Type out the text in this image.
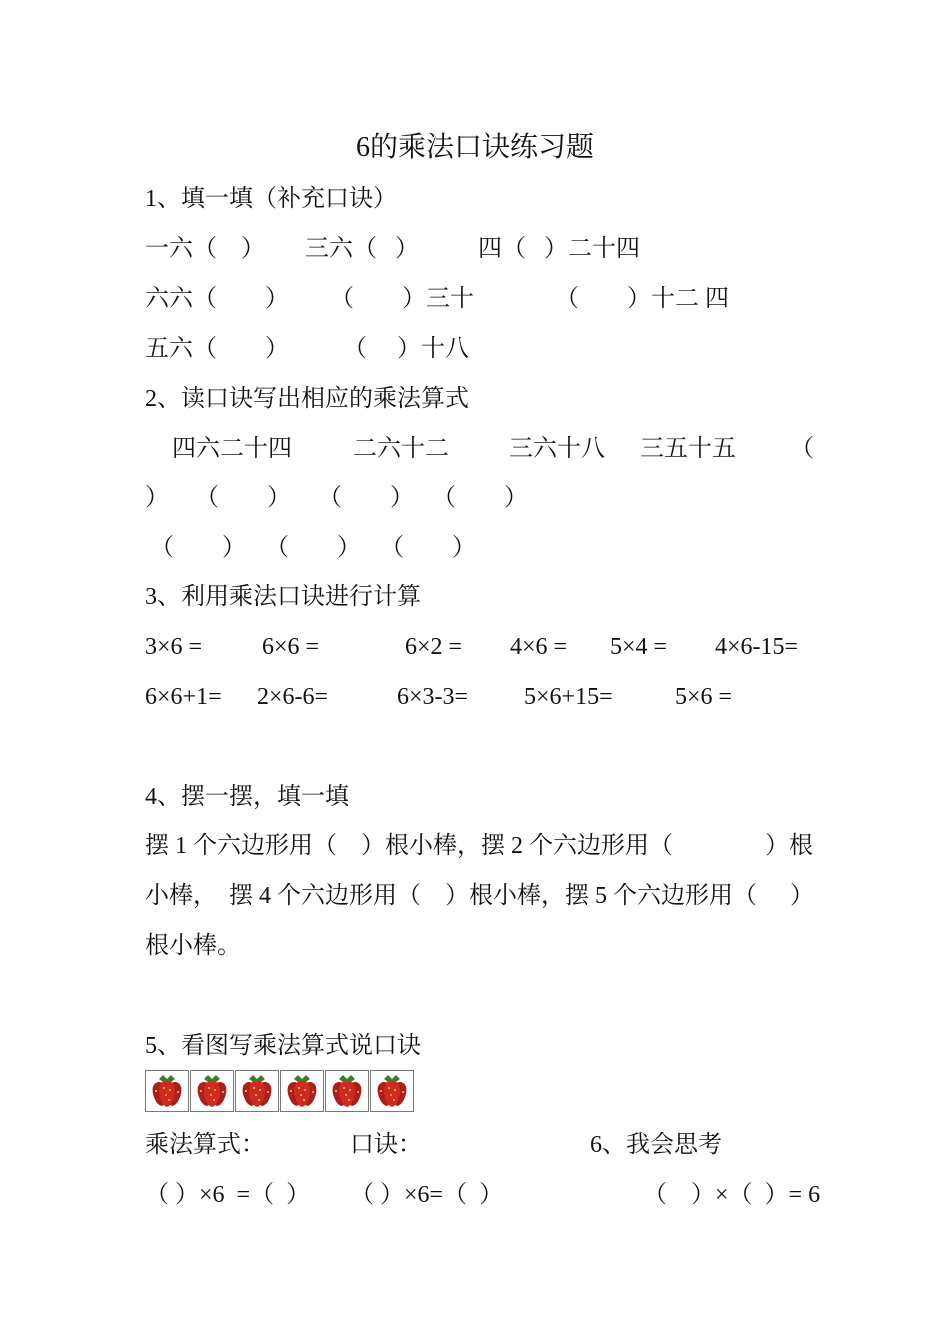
6的乘法口诀练习题
1、填一填（补充口诀）
一六（    ） 三六（   ） 四（   ）二十四
六六（        ） （        ）三十	（        ）十二 四
五六（        ） （     ）十八
2、读口诀写出相应的乘法算式
四六二十四	二六十二	三六十八 三五十五 （
） （        ） （        ） （        ）
（        ） （        ） （        ）
3、利用乘法口诀进行计算
3×6 = 6×6 =	6×2 = 4×6 = 5×4 = 4×6-15=
6×6+1= 2×6-6=	6×3-3= 5×6+15=	5×6 =
4、摆一摆，填一填
摆 1 个六边形用（    ）根小棒，摆 2 个六边形用（	）根
小棒，  摆 4 个六边形用（    ）根小棒，摆 5 个六边形用（ ）
根小棒。
5、看图写乘法算式说口诀
乘法算式：	口诀：	6、我会思考
（ ）×6  =（  ） （ ）×6=（  ）	（    ）×（  ）= 6
